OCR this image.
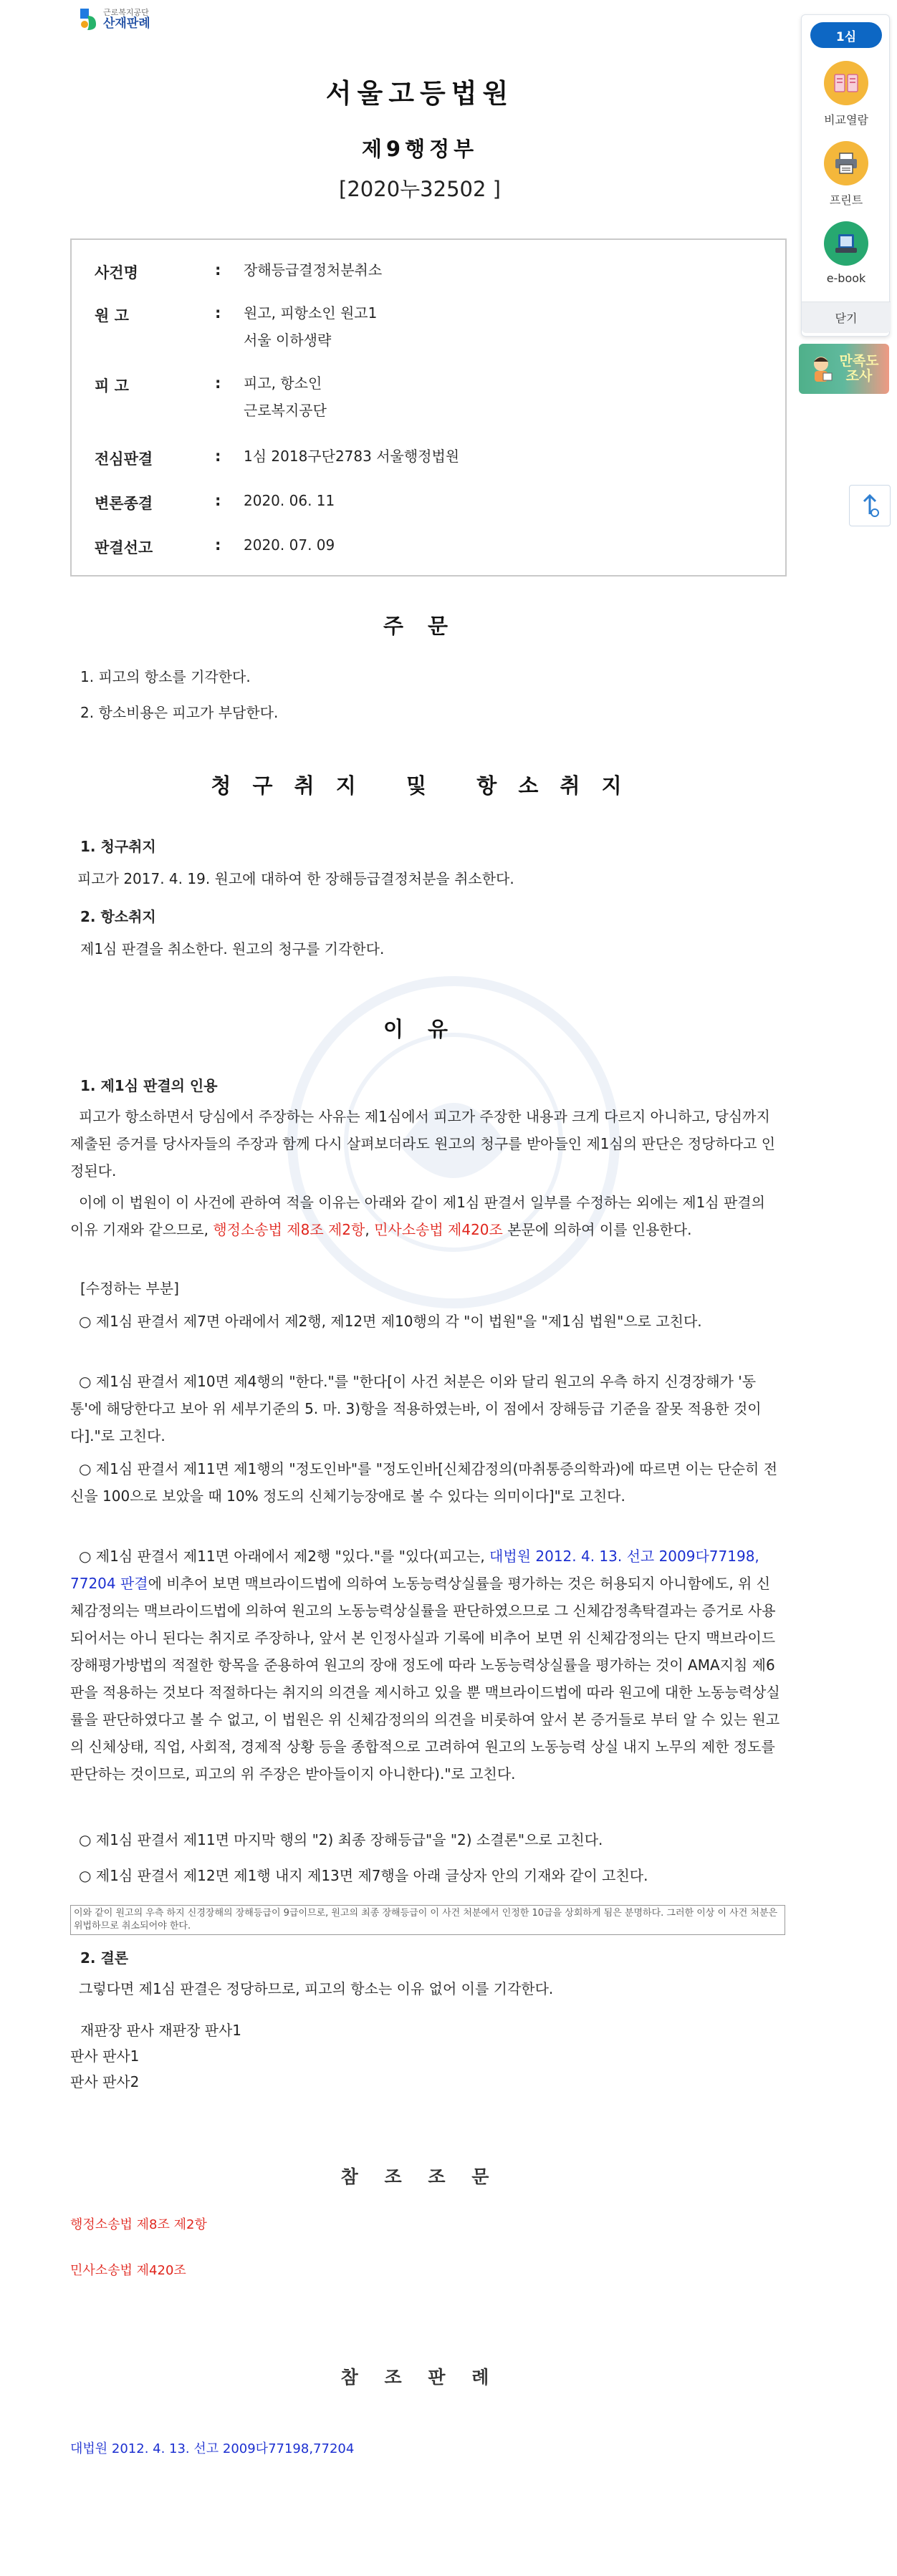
근로복지공단
산재판례
1심
비교열람
프린트
e-book
닫기
만족도
조사
서울고등법원
제9행정부
[2020누32502 ]
사건명	:	장해등급결정처분취소
원 고	:	원고, 피항소인 원고1
서울 이하생략
피 고	:	피고, 항소인
근로복지공단
전심판결	:	1심 2018구단2783 서울행정법원
변론종결	:	2020. 06. 11
판결선고	:	2020. 07. 09
주 문
1. 피고의 항소를 기각한다.
2. 항소비용은 피고가 부담한다.
청 구 취 지   및   항 소 취 지
1. 청구취지
피고가 2017. 4. 19. 원고에 대하여 한 장해등급결정처분을 취소한다.
2. 항소취지
제1심 판결을 취소한다. 원고의 청구를 기각한다.
이 유
1. 제1심 판결의 인용
피고가 항소하면서 당심에서 주장하는 사유는 제1심에서 피고가 주장한 내용과 크게 다르지 아니하고, 당심까지 제출된 증거를 당사자들의 주장과 함께 다시 살펴보더라도 원고의 청구를 받아들인 제1심의 판단은 정당하다고 인정된다.
이에 이 법원이 이 사건에 관하여 적을 이유는 아래와 같이 제1심 판결서 일부를 수정하는 외에는 제1심 판결의 이유 기재와 같으므로, 행정소송법 제8조 제2항, 민사소송법 제420조 본문에 의하여 이를 인용한다.
[수정하는 부분]
○ 제1심 판결서 제7면 아래에서 제2행, 제12면 제10행의 각 "이 법원"을 "제1심 법원"으로 고친다.
○ 제1심 판결서 제10면 제4행의 "한다."를 "한다[이 사건 처분은 이와 달리 원고의 우측 하지 신경장해가 '동통'에 해당한다고 보아 위 세부기준의 5. 마. 3)항을 적용하였는바, 이 점에서 장해등급 기준을 잘못 적용한 것이다]."로 고친다.
○ 제1심 판결서 제11면 제1행의 "정도인바"를 "정도인바[신체감정의(마취통증의학과)에 따르면 이는 단순히 전신을 100으로 보았을 때 10% 정도의 신체기능장애로 볼 수 있다는 의미이다]"로 고친다.
○ 제1심 판결서 제11면 아래에서 제2행 "있다."를 "있다(피고는, 대법원 2012. 4. 13. 선고 2009다77198, 77204 판결에 비추어 보면 맥브라이드법에 의하여 노동능력상실률을 평가하는 것은 허용되지 아니함에도, 위 신체감정의는 맥브라이드법에 의하여 원고의 노동능력상실률을 판단하였으므로 그 신체감정촉탁결과는 증거로 사용되어서는 아니 된다는 취지로 주장하나, 앞서 본 인정사실과 기록에 비추어 보면 위 신체감정의는 단지 맥브라이드 장해평가방법의 적절한 항목을 준용하여 원고의 장애 정도에 따라 노동능력상실률을 평가하는 것이 AMA지침 제6판을 적용하는 것보다 적절하다는 취지의 의견을 제시하고 있을 뿐 맥브라이드법에 따라 원고에 대한 노동능력상실률을 판단하였다고 볼 수 없고, 이 법원은 위 신체감정의의 의견을 비롯하여 앞서 본 증거들로 부터 알 수 있는 원고의 신체상태, 직업, 사회적, 경제적 상황 등을 종합적으로 고려하여 원고의 노동능력 상실 내지 노무의 제한 정도를 판단하는 것이므로, 피고의 위 주장은 받아들이지 아니한다)."로 고친다.
○ 제1심 판결서 제11면 마지막 행의 "2) 최종 장해등급"을 "2) 소결론"으로 고친다.
○ 제1심 판결서 제12면 제1행 내지 제13면 제7행을 아래 글상자 안의 기재와 같이 고친다.
이와 같이 원고의 우측 하지 신경장해의 장해등급이 9급이므로, 원고의 최종 장해등급이 이 사건 처분에서 인정한 10급을 상회하게 됨은 분명하다. 그러한 이상 이 사건 처분은 위법하므로 취소되어야 한다.
2. 결론
그렇다면 제1심 판결은 정당하므로, 피고의 항소는 이유 없어 이를 기각한다.
재판장 판사 재판장 판사1
판사 판사1
판사 판사2
참 조 조 문
행정소송법 제8조 제2항
민사소송법 제420조
참 조 판 례
대법원 2012. 4. 13. 선고 2009다77198,77204
